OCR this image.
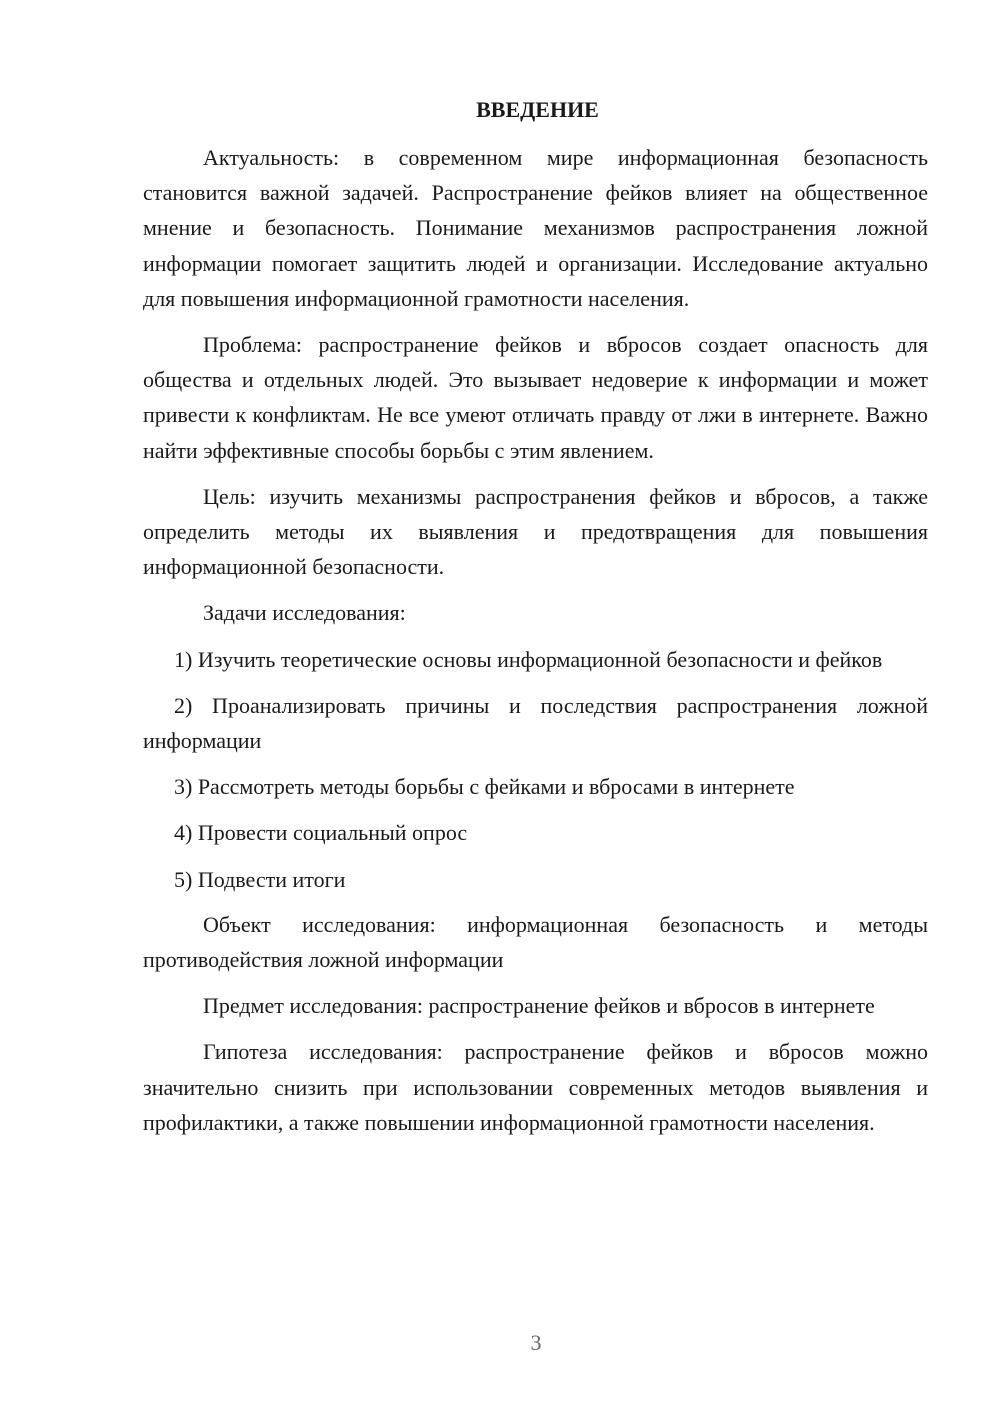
ВВЕДЕНИЕ

Актуальность: в современном мире информационная безопасность становится важной задачей. Распространение фейков влияет на общественное мнение и безопасность. Понимание механизмов распространения ложной информации помогает защитить людей и организации. Исследование актуально для повышения информационной грамотности населения.

Проблема: распространение фейков и вбросов создает опасность для общества и отдельных людей. Это вызывает недоверие к информации и может привести к конфликтам. Не все умеют отличать правду от лжи в интернете. Важно найти эффективные способы борьбы с этим явлением.

Цель: изучить механизмы распространения фейков и вбросов, а также определить методы их выявления и предотвращения для повышения информационной безопасности.

Задачи исследования:

1) Изучить теоретические основы информационной безопасности и фейков

2) Проанализировать причины и последствия распространения ложной информации

3) Рассмотреть методы борьбы с фейками и вбросами в интернете

4) Провести социальный опрос

5) Подвести итоги

Объект исследования: информационная безопасность и методы противодействия ложной информации

Предмет исследования: распространение фейков и вбросов в интернете

Гипотеза исследования: распространение фейков и вбросов можно значительно снизить при использовании современных методов выявления и профилактики, а также повышении информационной грамотности населения.

3
